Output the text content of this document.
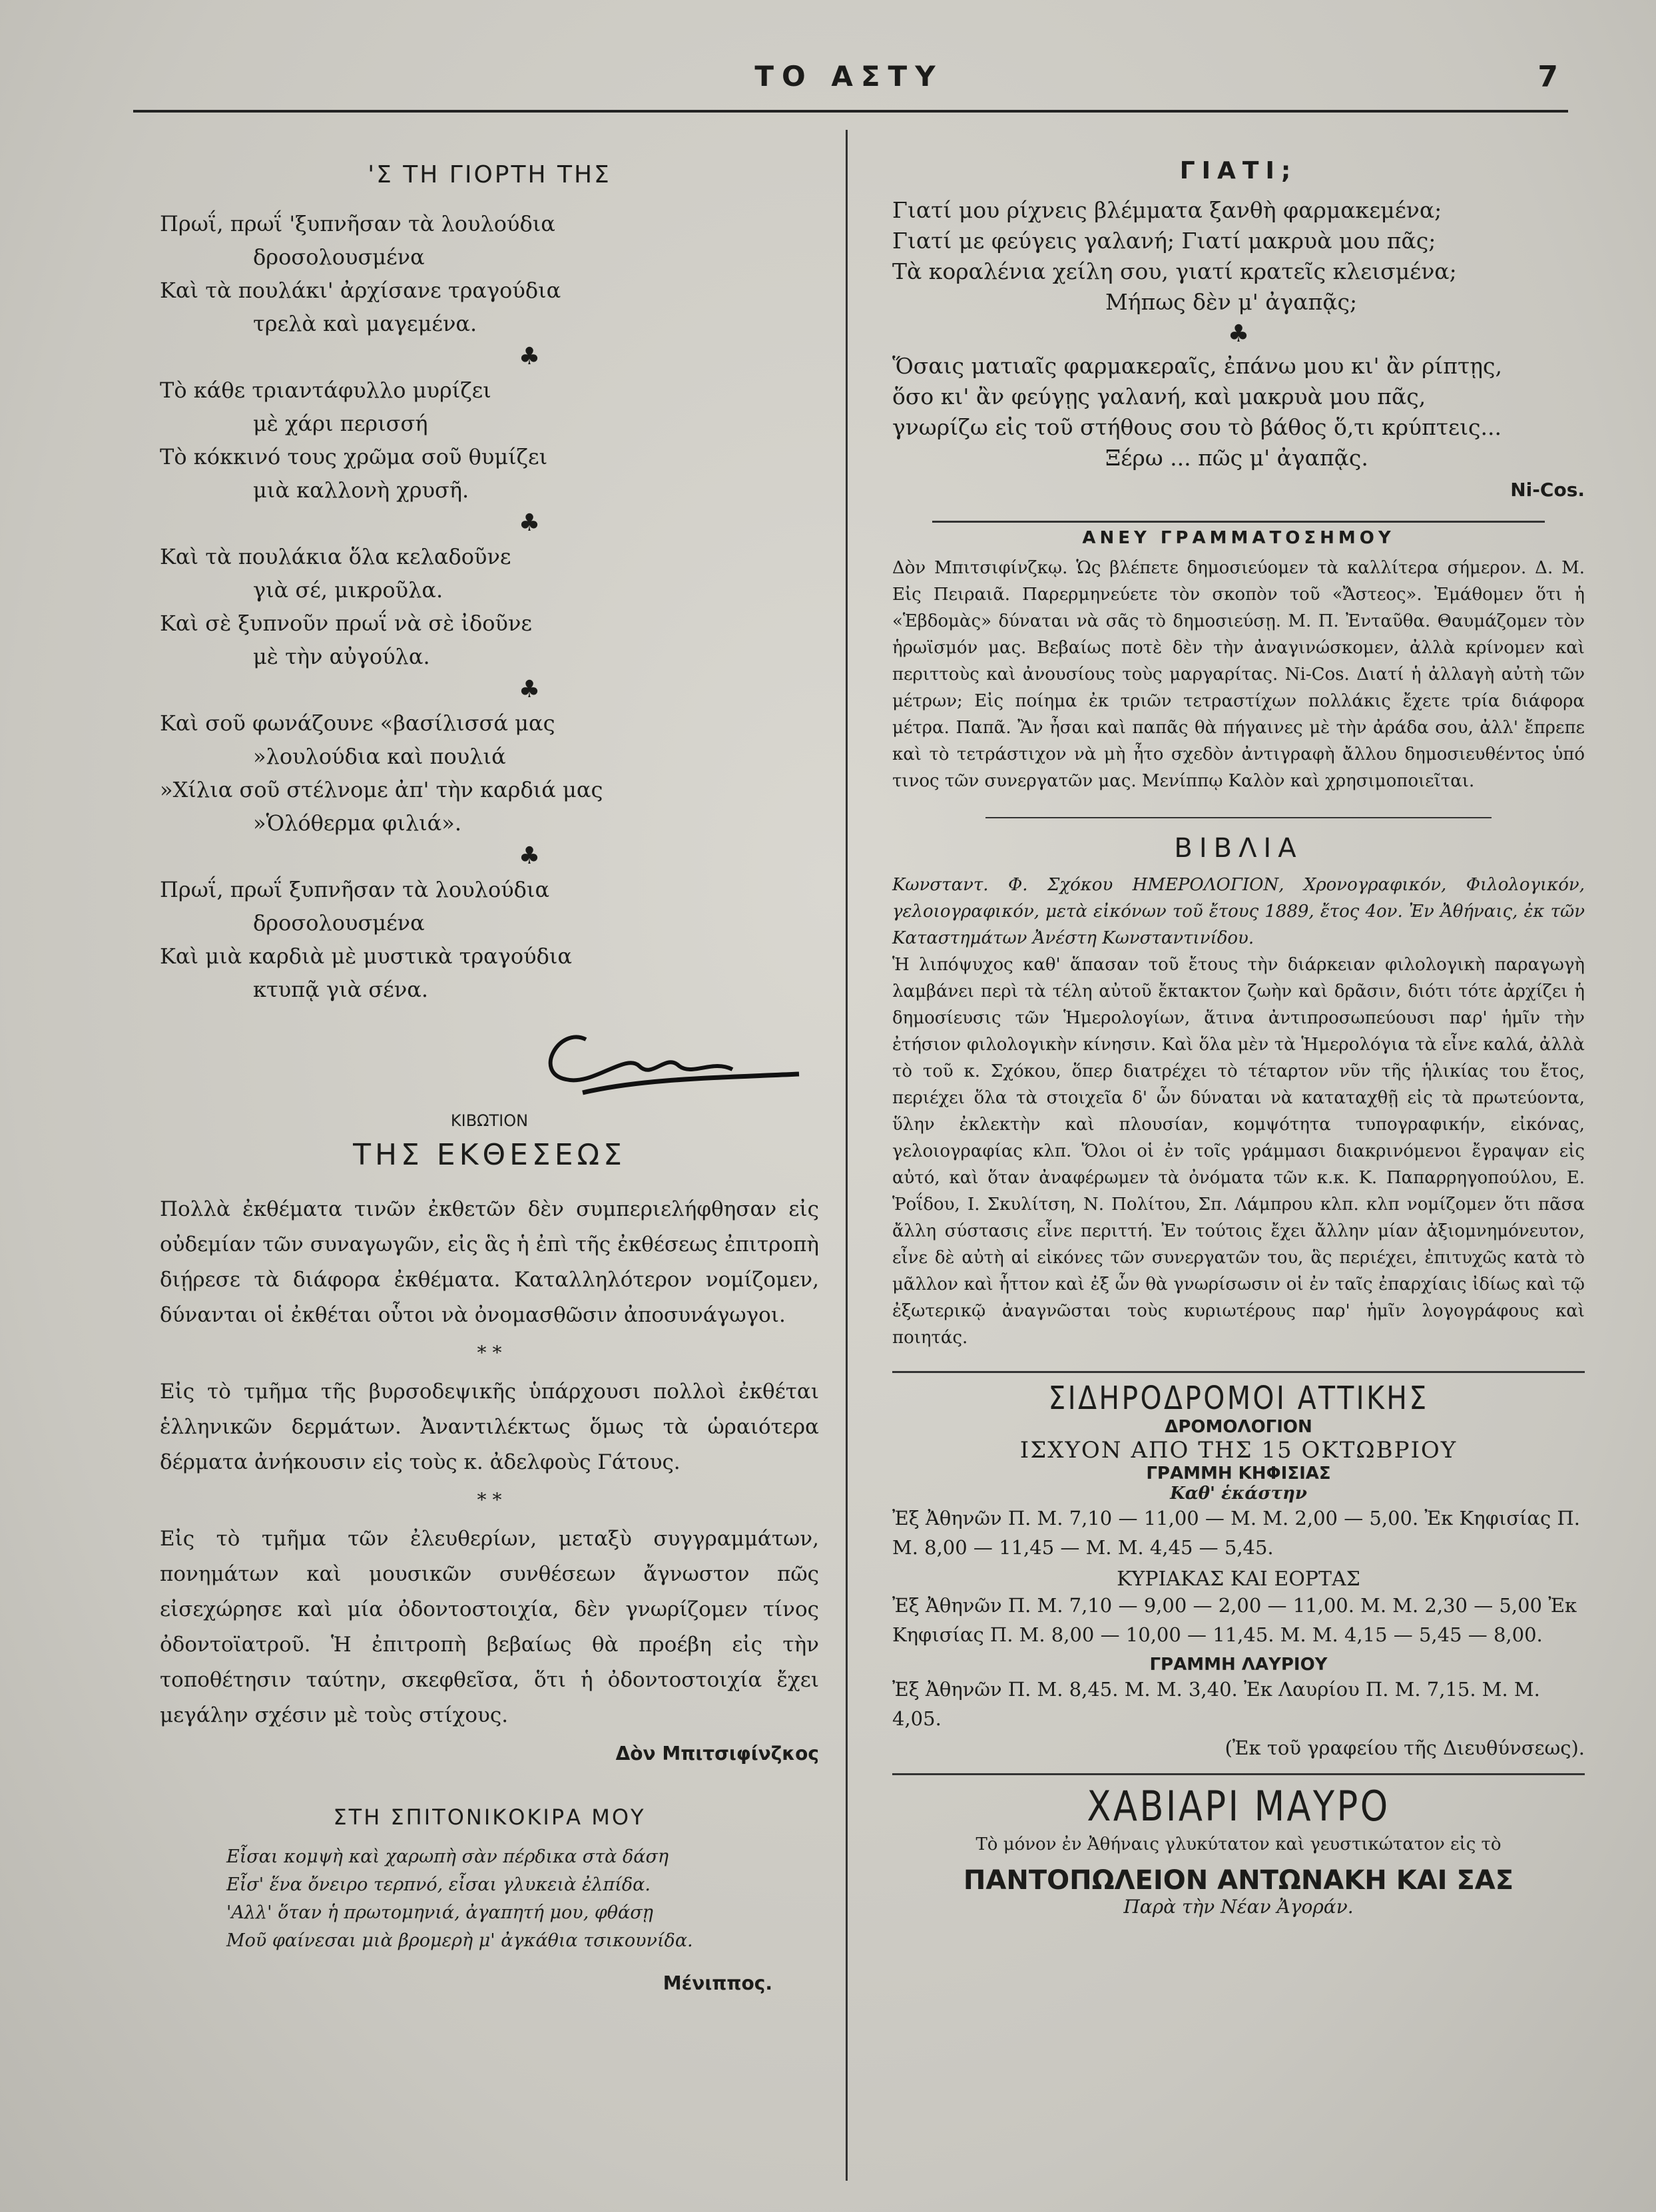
ΤΟ ΑΣΤΥ	7
'Σ ΤΗ ΓΙΟΡΤΗ ΤΗΣ
Πρωΐ, πρωΐ 'ξυπνῆσαν τὰ λουλούδια
δροσολουσμένα
Καὶ τὰ πουλάκι' ἀρχίσανε τραγούδια
τρελὰ καὶ μαγεμένα.
♣
Τὸ κάθε τριαντάφυλλο μυρίζει
μὲ χάρι περισσή
Τὸ κόκκινό τους χρῶμα σοῦ θυμίζει
μιὰ καλλονὴ χρυσῆ.
♣
Καὶ τὰ πουλάκια ὅλα κελαδοῦνε
γιὰ σέ, μικροῦλα.
Καὶ σὲ ξυπνοῦν πρωΐ νὰ σὲ ἰδοῦνε
μὲ τὴν αὐγούλα.
♣
Καὶ σοῦ φωνάζουνε «βασίλισσά μας
»λουλούδια καὶ πουλιά
»Χίλια σοῦ στέλνομε ἀπ' τὴν καρδιά μας
»Ὁλόθερμα φιλιά».
♣
Πρωΐ, πρωΐ ξυπνῆσαν τὰ λουλούδια
δροσολουσμένα
Καὶ μιὰ καρδιὰ μὲ μυστικὰ τραγούδια
κτυπᾷ γιὰ σένα.
ΚΙΒΩΤΙΟΝ
ΤΗΣ ΕΚΘΕΣΕΩΣ
Πολλὰ ἐκθέματα τινῶν ἐκθετῶν δὲν συμπεριελήφθησαν εἰς οὐδεμίαν τῶν συναγωγῶν, εἰς ἃς ἡ ἐπὶ τῆς ἐκθέσεως ἐπιτροπὴ διῄρεσε τὰ διάφορα ἐκθέματα. Καταλληλότερον νομίζομεν, δύνανται οἱ ἐκθέται οὗτοι νὰ ὀνομασθῶσιν ἀποσυνάγωγοι.
* *
Εἰς τὸ τμῆμα τῆς βυρσοδεψικῆς ὑπάρχουσι πολλοὶ ἐκθέται ἑλληνικῶν δερμάτων. Ἀναντιλέκτως ὅμως τὰ ὡραιότερα δέρματα ἀνήκουσιν εἰς τοὺς κ. ἀδελφοὺς Γάτους.
* *
Εἰς τὸ τμῆμα τῶν ἐλευθερίων, μεταξὺ συγγραμμάτων, πονημάτων καὶ μουσικῶν συνθέσεων ἄγνωστον πῶς εἰσεχώρησε καὶ μία ὀδοντοστοιχία, δὲν γνωρίζομεν τίνος ὀδοντοϊατροῦ. Ἡ ἐπιτροπὴ βεβαίως θὰ προέβη εἰς τὴν τοποθέτησιν ταύτην, σκεφθεῖσα, ὅτι ἡ ὀδοντοστοιχία ἔχει μεγάλην σχέσιν μὲ τοὺς στίχους.
Δὸν Μπιτσιφίνζκος
ΣΤΗ ΣΠΙΤΟΝΙΚΟΚΙΡΑ ΜΟΥ
Εἶσαι κομψὴ καὶ χαρωπὴ σὰν πέρδικα στὰ δάση
Εἶσ' ἕνα ὄνειρο τερπνό, εἶσαι γλυκειὰ ἐλπίδα.
'Αλλ' ὅταν ἡ πρωτομηνιά, ἀγαπητή μου, φθάσῃ
Μοῦ φαίνεσαι μιὰ βρομερὴ μ' ἀγκάθια τσικουνίδα.
Μένιππος.
ΓΙΑΤΙ;
Γιατί μου ρίχνεις βλέμματα ξανθὴ φαρμακεμένα;
Γιατί με φεύγεις γαλανή; Γιατί μακρυὰ μου πᾶς;
Τὰ κοραλένια χείλη σου, γιατί κρατεῖς κλεισμένα;
Μήπως δὲν μ' ἀγαπᾷς;
♣
Ὅσαις ματιαῖς φαρμακεραῖς, ἐπάνω μου κι' ἂν ρίπτῃς,
ὅσο κι' ἂν φεύγῃς γαλανή, καὶ μακρυὰ μου πᾶς,
γνωρίζω εἰς τοῦ στήθους σου τὸ βάθος ὅ,τι κρύπτεις...
Ξέρω ... πῶς μ' ἀγαπᾷς.
Ni-Cos.
ΑΝΕΥ ΓΡΑΜΜΑΤΟΣΗΜΟΥ
Δὸν Μπιτσιφίνζκῳ. Ὡς βλέπετε δημοσιεύομεν τὰ καλλίτερα σήμερον. Δ. Μ. Εἰς Πειραιᾶ. Παρερμηνεύετε τὸν σκοπὸν τοῦ «Ἄστεος». Ἐμάθομεν ὅτι ἡ «Ἑβδομὰς» δύναται νὰ σᾶς τὸ δημοσιεύσῃ. Μ. Π. Ἐνταῦθα. Θαυμάζομεν τὸν ἡρωϊσμόν μας. Βεβαίως ποτὲ δὲν τὴν ἀναγινώσκομεν, ἀλλὰ κρίνομεν καὶ περιττοὺς καὶ ἀνουσίους τοὺς μαργαρίτας. Ni-Cos. Διατί ἡ ἀλλαγὴ αὐτὴ τῶν μέτρων; Εἰς ποίημα ἐκ τριῶν τετραστίχων πολλάκις ἔχετε τρία διάφορα μέτρα. Παπᾶ. Ἂν ἦσαι καὶ παπᾶς θὰ πήγαινες μὲ τὴν ἀράδα σου, ἀλλ' ἔπρεπε καὶ τὸ τετράστιχον νὰ μὴ ἦτο σχεδὸν ἀντιγραφὴ ἄλλου δημοσιευθέντος ὑπό τινος τῶν συνεργατῶν μας. Μενίππῳ Καλὸν καὶ χρησιμοποιεῖται.
ΒΙΒΛΙΑ
Κωνσταντ. Φ. Σχόκου ΗΜΕΡΟΛΟΓΙΟΝ, Χρονογραφικόν, Φιλολογικόν, γελοιογραφικόν, μετὰ εἰκόνων τοῦ ἔτους 1889, ἔτος 4ον. Ἐν Ἀθήναις, ἐκ τῶν Καταστημάτων Ἀνέστη Κωνσταντινίδου.
Ἡ λιπόψυχος καθ' ἅπασαν τοῦ ἔτους τὴν διάρκειαν φιλολογικὴ παραγωγὴ λαμβάνει περὶ τὰ τέλη αὐτοῦ ἔκτακτον ζωὴν καὶ δρᾶσιν, διότι τότε ἀρχίζει ἡ δημοσίευσις τῶν Ἡμερολογίων, ἅτινα ἀντιπροσωπεύουσι παρ' ἡμῖν τὴν ἐτήσιον φιλολογικὴν κίνησιν. Καὶ ὅλα μὲν τὰ Ἡμερολόγια τὰ εἶνε καλά, ἀλλὰ τὸ τοῦ κ. Σχόκου, ὅπερ διατρέχει τὸ τέταρτον νῦν τῆς ἡλικίας του ἔτος, περιέχει ὅλα τὰ στοιχεῖα δ' ὧν δύναται νὰ καταταχθῇ εἰς τὰ πρωτεύοντα, ὕλην ἐκλεκτὴν καὶ πλουσίαν, κομψότητα τυπογραφικήν, εἰκόνας, γελοιογραφίας κλπ. Ὅλοι οἱ ἐν τοῖς γράμμασι διακρινόμενοι ἔγραψαν εἰς αὐτό, καὶ ὅταν ἀναφέρωμεν τὰ ὀνόματα τῶν κ.κ. Κ. Παπαρρηγοπούλου, Ε. Ῥοΐδου, Ι. Σκυλίτση, Ν. Πολίτου, Σπ. Λάμπρου κλπ. κλπ νομίζομεν ὅτι πᾶσα ἄλλη σύστασις εἶνε περιττή. Ἐν τούτοις ἔχει ἄλλην μίαν ἀξιομνημόνευτον, εἶνε δὲ αὐτὴ αἱ εἰκόνες τῶν συνεργατῶν του, ἃς περιέχει, ἐπιτυχῶς κατὰ τὸ μᾶλλον καὶ ἧττον καὶ ἐξ ὧν θὰ γνωρίσωσιν οἱ ἐν ταῖς ἐπαρχίαις ἰδίως καὶ τῷ ἐξωτερικῷ ἀναγνῶσται τοὺς κυριωτέρους παρ' ἡμῖν λογογράφους καὶ ποιητάς.
ΣΙΔΗΡΟΔΡΟΜΟΙ ΑΤΤΙΚΗΣ
ΔΡΟΜΟΛΟΓΙΟΝ
ΙΣΧΥΟΝ ΑΠΟ ΤΗΣ 15 ΟΚΤΩΒΡΙΟΥ
ΓΡΑΜΜΗ ΚΗΦΙΣΙΑΣ
Καθ' ἑκάστην
Ἐξ Ἀθηνῶν Π. Μ. 7,10 — 11,00 — Μ. Μ. 2,00 — 5,00. Ἐκ Κηφισίας Π. Μ. 8,00 — 11,45 — Μ. Μ. 4,45 — 5,45.
ΚΥΡΙΑΚΑΣ ΚΑΙ ΕΟΡΤΑΣ
Ἐξ Ἀθηνῶν Π. Μ. 7,10 — 9,00 — 2,00 — 11,00. Μ. Μ. 2,30 — 5,00 Ἐκ Κηφισίας Π. Μ. 8,00 — 10,00 — 11,45. Μ. Μ. 4,15 — 5,45 — 8,00.
ΓΡΑΜΜΗ ΛΑΥΡΙΟΥ
Ἐξ Ἀθηνῶν Π. Μ. 8,45. Μ. Μ. 3,40. Ἐκ Λαυρίου Π. Μ. 7,15. Μ. Μ. 4,05.
(Ἐκ τοῦ γραφείου τῆς Διευθύνσεως).
ΧΑΒΙΑΡΙ ΜΑΥΡΟ
Τὸ μόνον ἐν Ἀθήναις γλυκύτατον καὶ γευστικώτατον εἰς τὸ
ΠΑΝΤΟΠΩΛΕΙΟΝ ΑΝΤΩΝΑΚΗ ΚΑΙ ΣΑΣ
Παρὰ τὴν Νέαν Ἀγοράν.
